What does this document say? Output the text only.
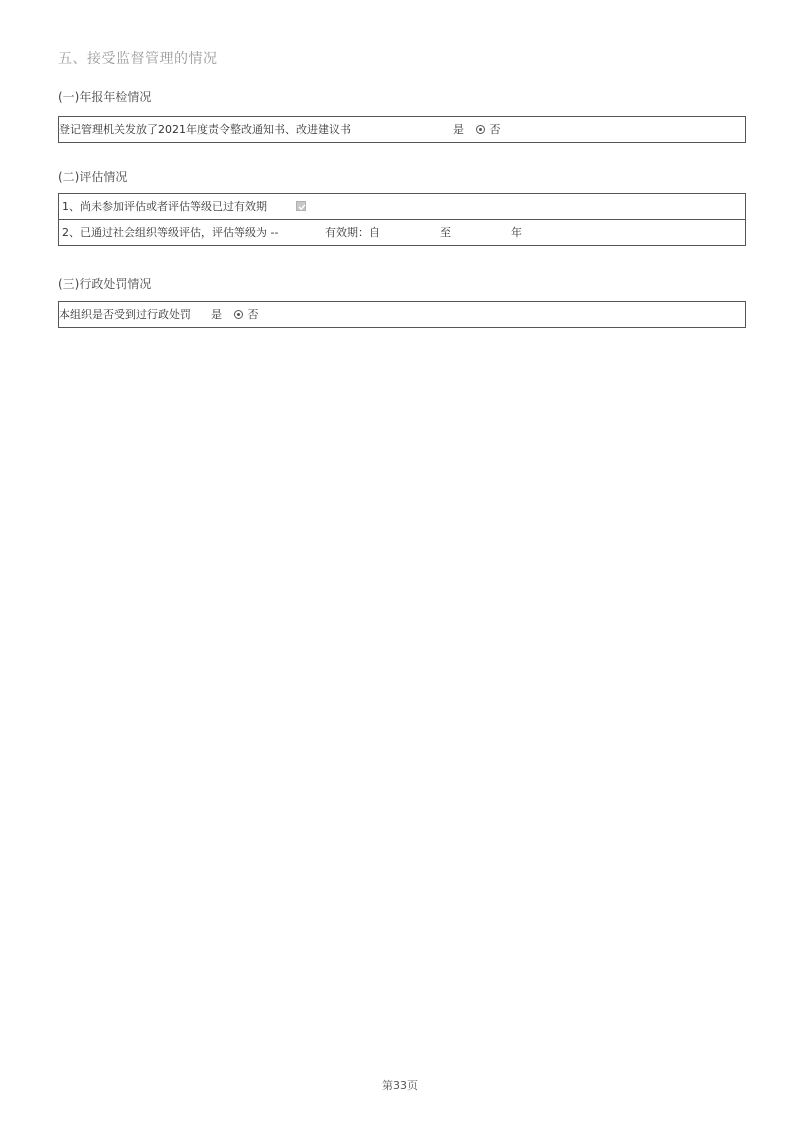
五、接受监督管理的情况
(一)年报年检情况
登记管理机关发放了2021年度责令整改通知书、改进建议书	是 否
(二)评估情况
1、尚未参加评估或者评估等级已过有效期
2、已通过社会组织等级评估，评估等级为 --	有效期：自	至	年
(三)行政处罚情况
本组织是否受到过行政处罚 是 否
第33页
